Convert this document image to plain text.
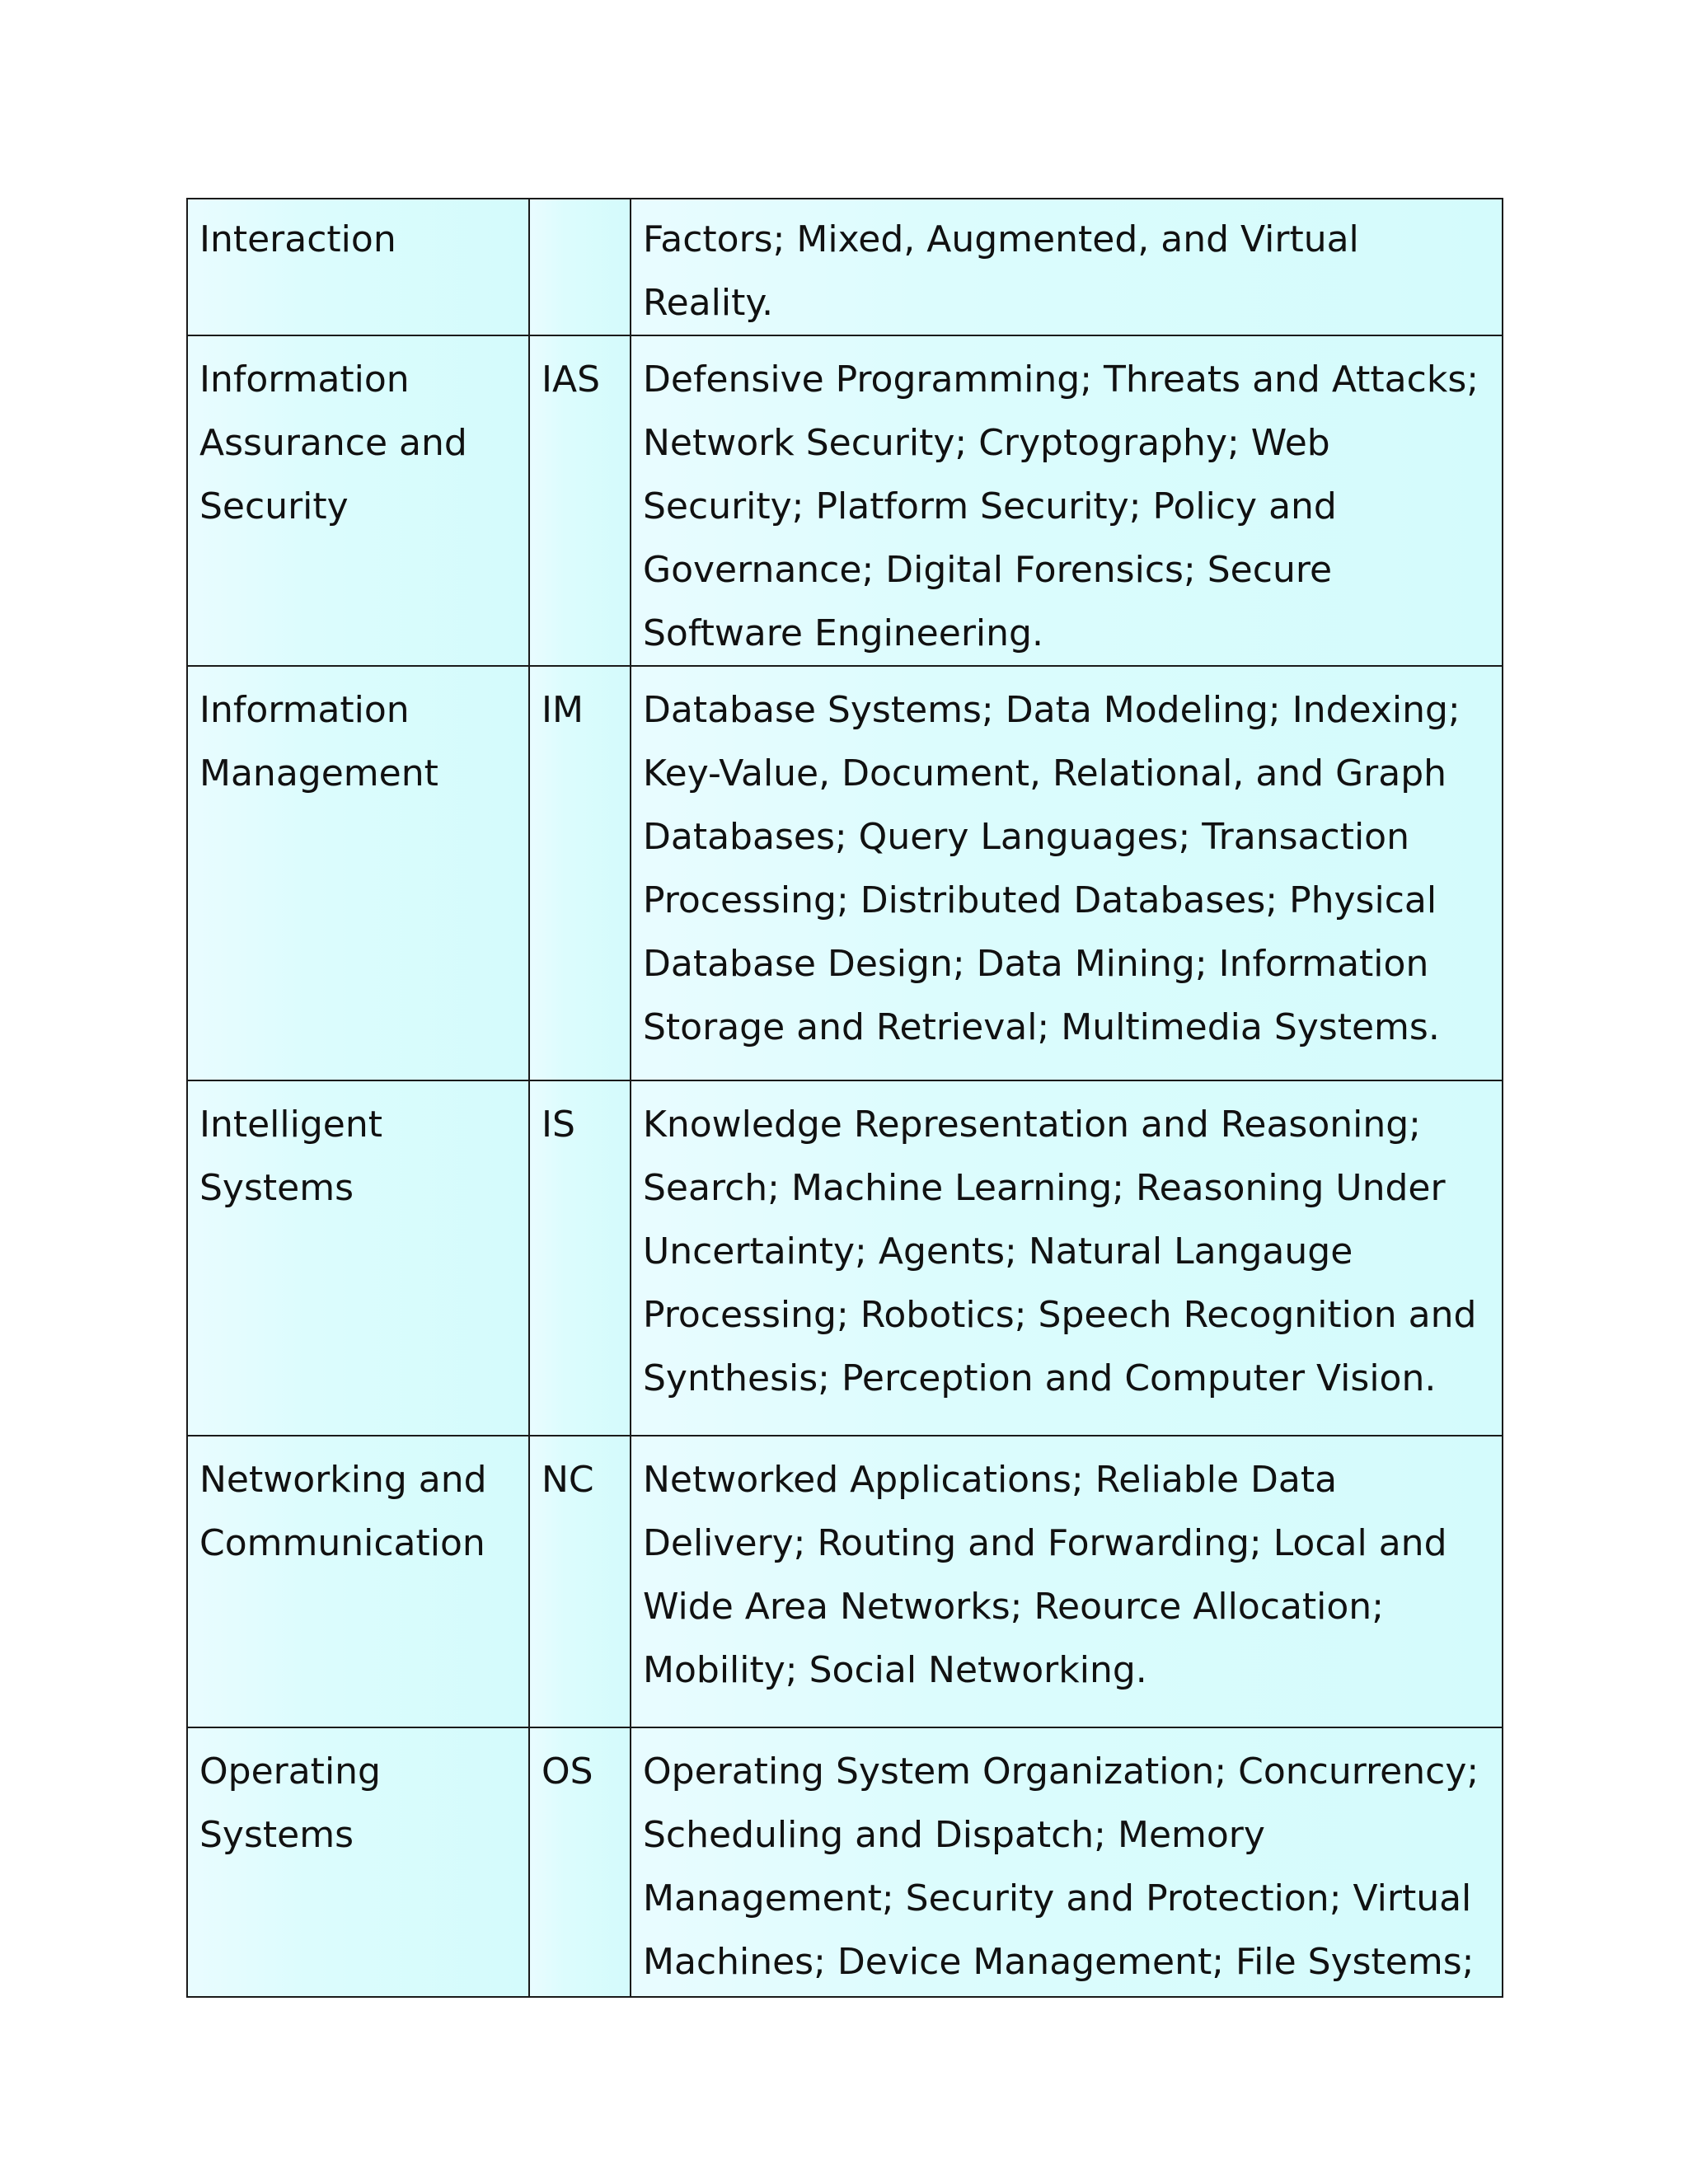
Interaction		Factors; Mixed, Augmented, and Virtual Reality.

Information Assurance and Security	IAS	Defensive Programming; Threats and Attacks; Network Security; Cryptography; Web Security; Platform Security; Policy and Governance; Digital Forensics; Secure Software Engineering.

Information Management	IM	Database Systems; Data Modeling; Indexing; Key-Value, Document, Relational, and Graph Databases; Query Languages; Transaction Processing; Distributed Databases; Physical Database Design; Data Mining; Information Storage and Retrieval; Multimedia Systems.

Intelligent Systems	IS	Knowledge Representation and Reasoning; Search; Machine Learning; Reasoning Under Uncertainty; Agents; Natural Langauge Processing; Robotics; Speech Recognition and Synthesis; Perception and Computer Vision.

Networking and Communication	NC	Networked Applications; Reliable Data Delivery; Routing and Forwarding; Local and Wide Area Networks; Reource Allocation; Mobility; Social Networking.

Operating Systems	OS	Operating System Organization; Concurrency; Scheduling and Dispatch; Memory Management; Security and Protection; Virtual Machines; Device Management; File Systems;
